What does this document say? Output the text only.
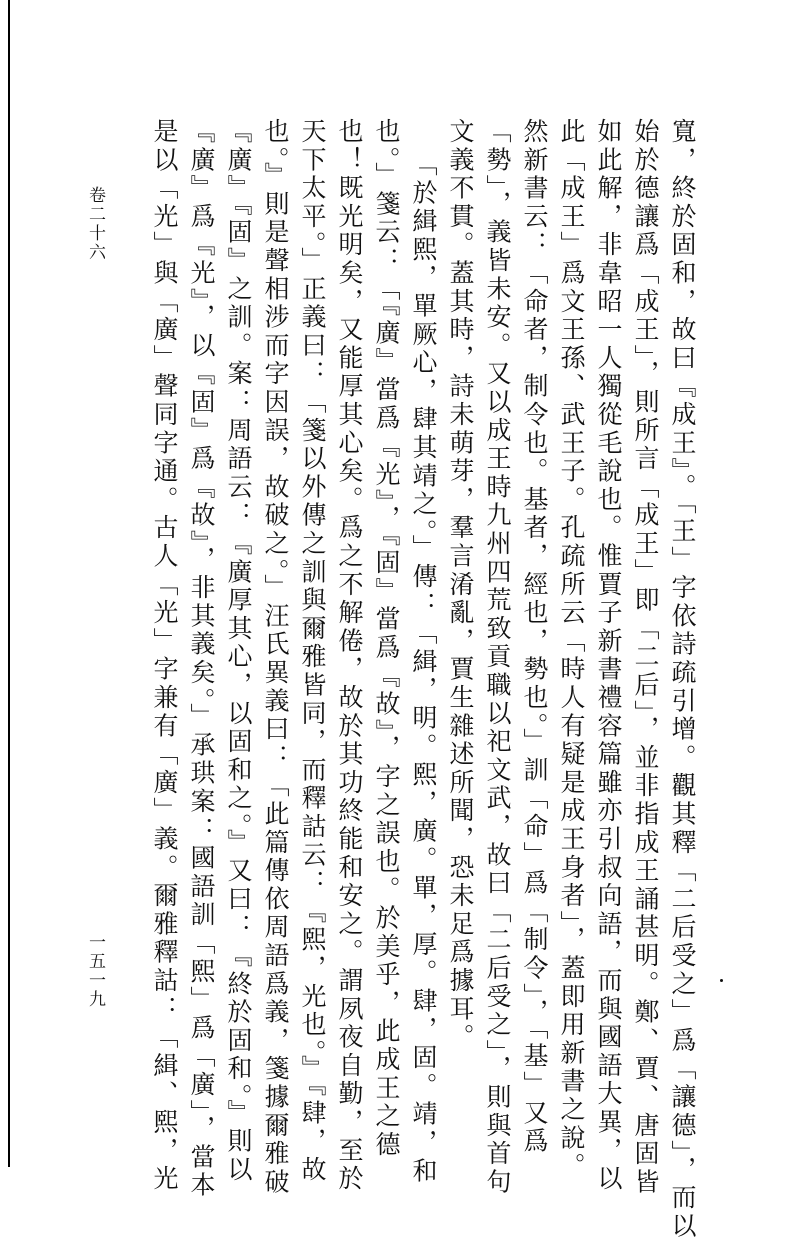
卷二十六
一五一九	寬，終於固和，故曰『成王』。「王」字依詩疏引增。觀其釋「二后受之」爲「讓德」，而以
始於德讓爲「成王」，則所言「成王」即「二后」，並非指成王誦甚明。鄭、賈、唐固皆
如此解，非韋昭一人獨從毛說也。惟賈子新書禮容篇雖亦引叔向語，而與國語大異，以
此「成王」爲文王孫、武王子。孔疏所云「時人有疑是成王身者」，蓋即用新書之說。
然新書云：「命者，制令也。基者，經也，勢也。」訓「命」爲「制令」，「基」又爲
「勢」，義皆未安。又以成王時九州四荒致貢職以祀文武，故曰「二后受之」，則與首句
文義不貫。蓋其時，詩未萌芽，羣言淆亂，賈生雜述所聞，恐未足爲據耳。
「於緝熙，單厥心，肆其靖之。」傳：「緝，明。熙，廣。單，厚。肆，固。靖，和
也。」箋云：「『廣』當爲『光』，『固』當爲『故』，字之誤也。於美乎，此成王之德
也！既光明矣，又能厚其心矣。爲之不解倦，故於其功終能和安之。謂夙夜自勤，至於
天下太平。」正義曰：「箋以外傳之訓與爾雅皆同，而釋詁云：『熙，光也。』『肆，故
也。』則是聲相涉而字因誤，故破之。」汪氏異義曰：「此篇傳依周語爲義，箋據爾雅破
『廣』『固』之訓。案：周語云：『廣厚其心，以固和之。』又曰：『終於固和。』則以
『廣』爲『光』，以『固』爲『故』，非其義矣。」承珙案：國語訓「熙」爲「廣」，當本
是以「光」與「廣」聲同字通。古人「光」字兼有「廣」義。爾雅釋詁：「緝、熙，光
